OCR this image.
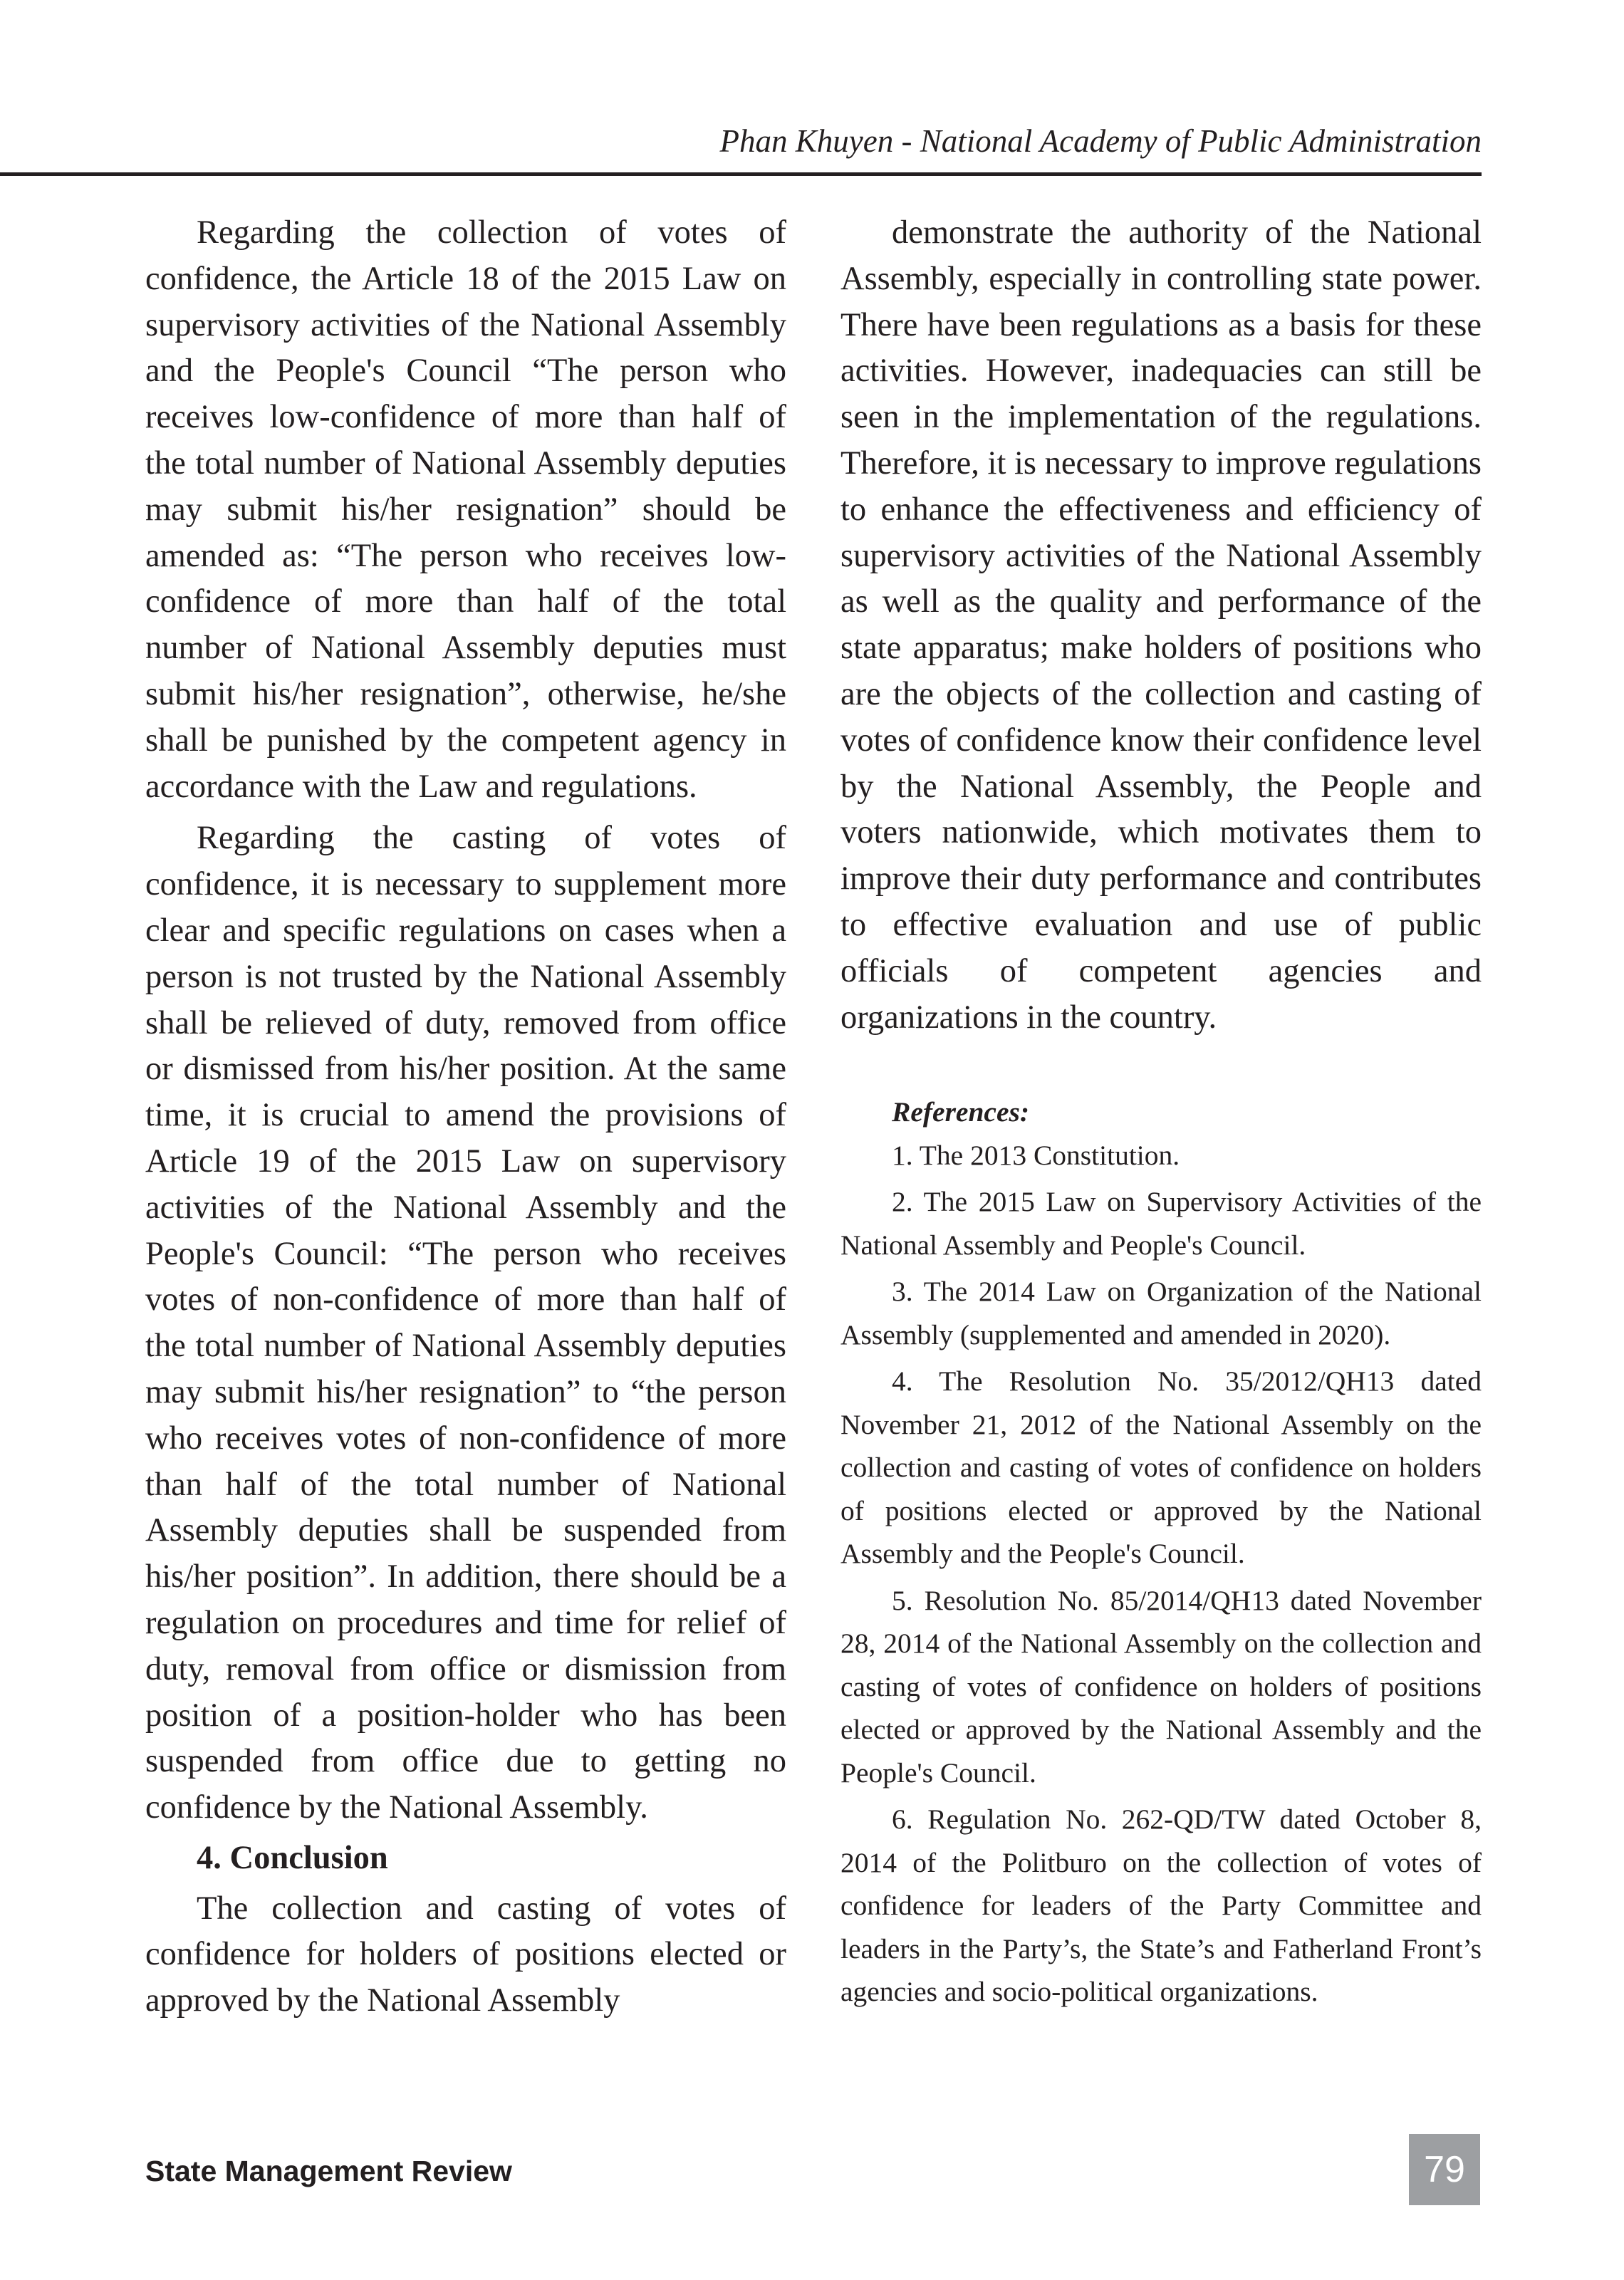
Phan Khuyen - National Academy of Public Administration

Regarding the collection of votes of confidence, the Article 18 of the 2015 Law on supervisory activities of the National Assembly and the People's Council “The person who receives low-confidence of more than half of the total number of National Assembly deputies may submit his/her resignation” should be amended as: “The person who receives low-confidence of more than half of the total number of National Assembly deputies must submit his/her resignation”, otherwise, he/she shall be punished by the competent agency in accordance with the Law and regulations.

Regarding the casting of votes of confidence, it is necessary to supplement more clear and specific regulations on cases when a person is not trusted by the National Assembly shall be relieved of duty, removed from office or dismissed from his/her position. At the same time, it is crucial to amend the provisions of Article 19 of the 2015 Law on supervisory activities of the National Assembly and the People's Council: “The person who receives votes of non-confidence of more than half of the total number of National Assembly deputies may submit his/her resignation” to “the person who receives votes of non-confidence of more than half of the total number of National Assembly deputies shall be suspended from his/her position”. In addition, there should be a regulation on procedures and time for relief of duty, removal from office or dismission from position of a position-holder who has been suspended from office due to getting no confidence by the National Assembly.

4. Conclusion

The collection and casting of votes of confidence for holders of positions elected or approved by the National Assembly

demonstrate the authority of the National Assembly, especially in controlling state power. There have been regulations as a basis for these activities. However, inadequacies can still be seen in the implementation of the regulations. Therefore, it is necessary to improve regulations to enhance the effectiveness and efficiency of supervisory activities of the National Assembly as well as the quality and performance of the state apparatus; make holders of positions who are the objects of the collection and casting of votes of confidence know their confidence level by the National Assembly, the People and voters nationwide, which motivates them to improve their duty performance and contributes to effective evaluation and use of public officials of competent agencies and organizations in the country.

References:

1. The 2013 Constitution.

2. The 2015 Law on Supervisory Activities of the National Assembly and People's Council.

3. The 2014 Law on Organization of the National Assembly (supplemented and amended in 2020).

4. The Resolution No. 35/2012/QH13 dated November 21, 2012 of the National Assembly on the collection and casting of votes of confidence on holders of positions elected or approved by the National Assembly and the People's Council.

5. Resolution No. 85/2014/QH13 dated November 28, 2014 of the National Assembly on the collection and casting of votes of confidence on holders of positions elected or approved by the National Assembly and the People's Council.

6. Regulation No. 262-QD/TW dated October 8, 2014 of the Politburo on the collection of votes of confidence for leaders of the Party Committee and leaders in the Party’s, the State’s and Fatherland Front’s agencies and socio-political organizations.

State Management Review	79
